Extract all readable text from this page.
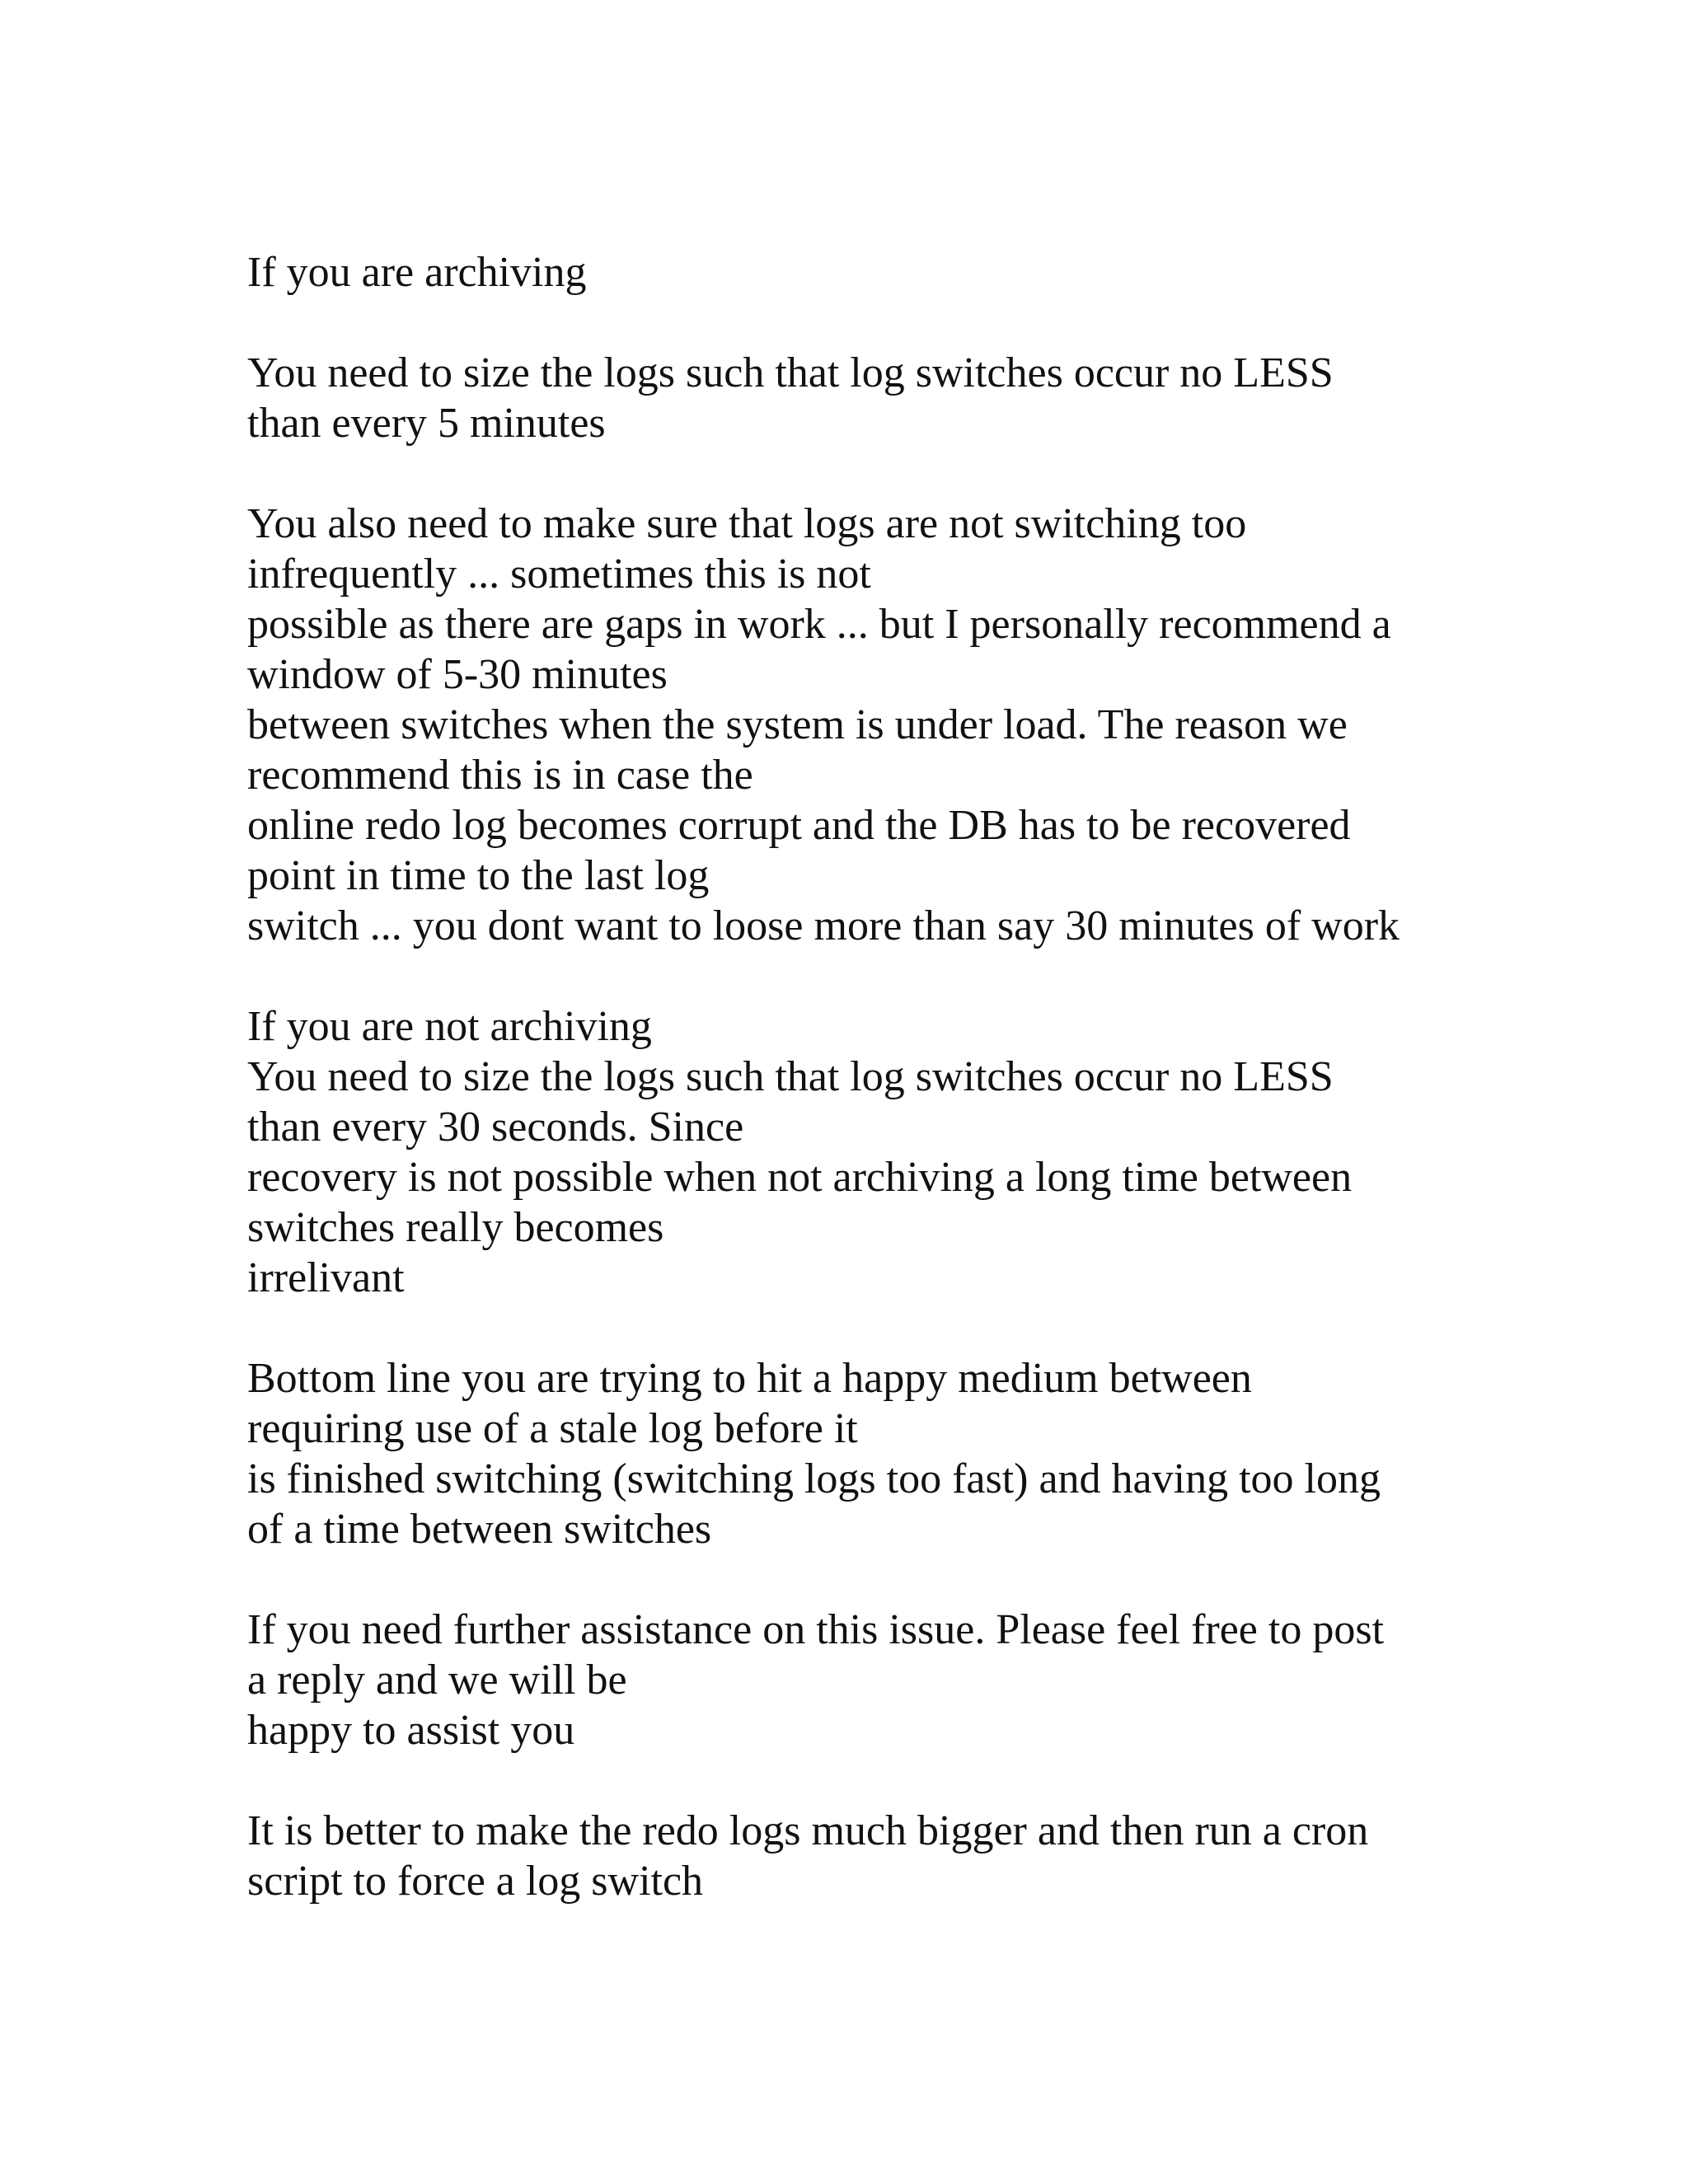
If you are archiving

You need to size the logs such that log switches occur no LESS

than every 5 minutes

You also need to make sure that logs are not switching too

infrequently ... sometimes this is not

possible as there are gaps in work ... but I personally recommend a

window of 5-30 minutes

between switches when the system is under load. The reason we

recommend this is in case the

online redo log becomes corrupt and the DB has to be recovered

point in time to the last log

switch ... you dont want to loose more than say 30 minutes of work

If you are not archiving

You need to size the logs such that log switches occur no LESS

than every 30 seconds. Since

recovery is not possible when not archiving a long time between

switches really becomes

irrelivant

Bottom line you are trying to hit a happy medium between

requiring use of a stale log before it

is finished switching (switching logs too fast) and having too long

of a time between switches

If you need further assistance on this issue. Please feel free to post

a reply and we will be

happy to assist you

It is better to make the redo logs much bigger and then run a cron

script to force a log switch
